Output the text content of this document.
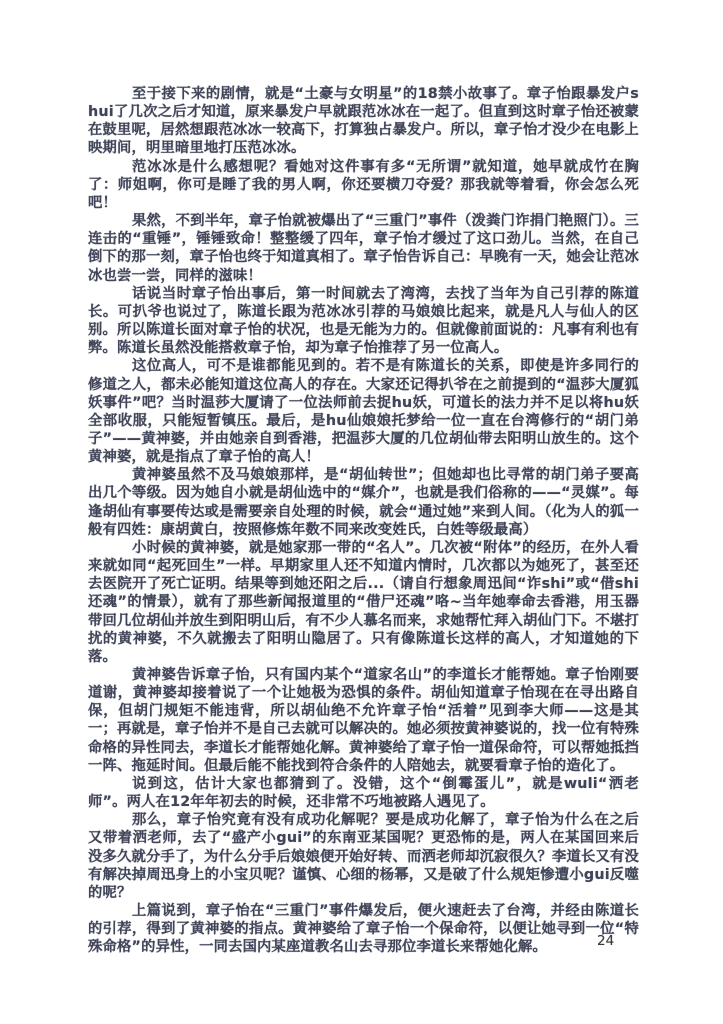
至于接下来的剧情，就是“土豪与女明星”的18禁小故事了。章子怡跟暴发户shui了几次之后才知道，原来暴发户早就跟范冰冰在一起了。但直到这时章子怡还被蒙在鼓里呢，居然想跟范冰冰一较高下，打算独占暴发户。所以，章子怡才没少在电影上映期间，明里暗里地打压范冰冰。

范冰冰是什么感想呢？看她对这件事有多“无所谓”就知道，她早就成竹在胸了：师姐啊，你可是睡了我的男人啊，你还要横刀夺爱？那我就等着看，你会怎么死吧！

果然，不到半年，章子怡就被爆出了“三重门”事件（泼粪门诈捐门艳照门）。三连击的“重锤”，锤锤致命！整整缓了四年，章子怡才缓过了这口劲儿。当然，在自己倒下的那一刻，章子怡也终于知道真相了。章子怡告诉自己：早晚有一天，她会让范冰冰也尝一尝，同样的滋味！

话说当时章子怡出事后，第一时间就去了湾湾，去找了当年为自己引荐的陈道长。可扒爷也说过了，陈道长跟为范冰冰引荐的马娘娘比起来，就是凡人与仙人的区别。所以陈道长面对章子怡的状况，也是无能为力的。但就像前面说的：凡事有利也有弊。陈道长虽然没能搭救章子怡，却为章子怡推荐了另一位高人。

这位高人，可不是谁都能见到的。若不是有陈道长的关系，即使是许多同行的修道之人，都未必能知道这位高人的存在。大家还记得扒爷在之前提到的“温莎大厦狐妖事件”吧？当时温莎大厦请了一位法师前去捉hu妖，可道长的法力并不足以将hu妖全部收服，只能短暂镇压。最后，是hu仙娘娘托梦给一位一直在台湾修行的“胡门弟子”——黄神婆，并由她亲自到香港，把温莎大厦的几位胡仙带去阳明山放生的。这个黄神婆，就是指点了章子怡的高人！

黄神婆虽然不及马娘娘那样，是“胡仙转世”；但她却也比寻常的胡门弟子要高出几个等级。因为她自小就是胡仙选中的“媒介”，也就是我们俗称的——“灵媒”。每逢胡仙有事要传达或是需要亲自处理的时候，就会“通过她”来到人间。（化为人的狐一般有四姓：康胡黄白，按照修炼年数不同来改变姓氏，白姓等级最高）

小时候的黄神婆，就是她家那一带的“名人”。几次被“附体”的经历，在外人看来就如同“起死回生”一样。早期家里人还不知道内情时，几次都以为她死了，甚至还去医院开了死亡证明。结果等到她还阳之后...（请自行想象周迅间“诈shi”或“借shi还魂”的情景），就有了那些新闻报道里的“借尸还魂”咯~当年她奉命去香港，用玉器带回几位胡仙并放生到阳明山后，有不少人慕名而来，求她帮忙拜入胡仙门下。不堪打扰的黄神婆，不久就搬去了阳明山隐居了。只有像陈道长这样的高人，才知道她的下落。

黄神婆告诉章子怡，只有国内某个“道家名山”的李道长才能帮她。章子怡刚要道谢，黄神婆却接着说了一个让她极为恐惧的条件。胡仙知道章子怡现在在寻出路自保，但胡门规矩不能违背，所以胡仙绝不允许章子怡“活着”见到李大师——这是其一；再就是，章子怡并不是自己去就可以解决的。她必须按黄神婆说的，找一位有特殊命格的异性同去，李道长才能帮她化解。黄神婆给了章子怡一道保命符，可以帮她抵挡一阵、拖延时间。但最后能不能找到符合条件的人陪她去，就要看章子怡的造化了。

说到这，估计大家也都猜到了。没错，这个“倒霉蛋儿”，就是wuli“洒老师”。两人在12年年初去的时候，还非常不巧地被路人遇见了。

那么，章子怡究竟有没有成功化解呢？要是成功化解了，章子怡为什么在之后又带着洒老师，去了“盛产小gui”的东南亚某国呢？更恐怖的是，两人在某国回来后没多久就分手了，为什么分手后娘娘便开始好转、而洒老师却沉寂很久？李道长又有没有解决掉周迅身上的小宝贝呢？谨慎、心细的杨幂，又是破了什么规矩惨遭小gui反噬的呢？

上篇说到，章子怡在“三重门”事件爆发后，便火速赶去了台湾，并经由陈道长的引荐，得到了黄神婆的指点。黄神婆给了章子怡一个保命符，以便让她寻到一位“特殊命格”的异性，一同去国内某座道教名山去寻那位李道长来帮她化解。	24
